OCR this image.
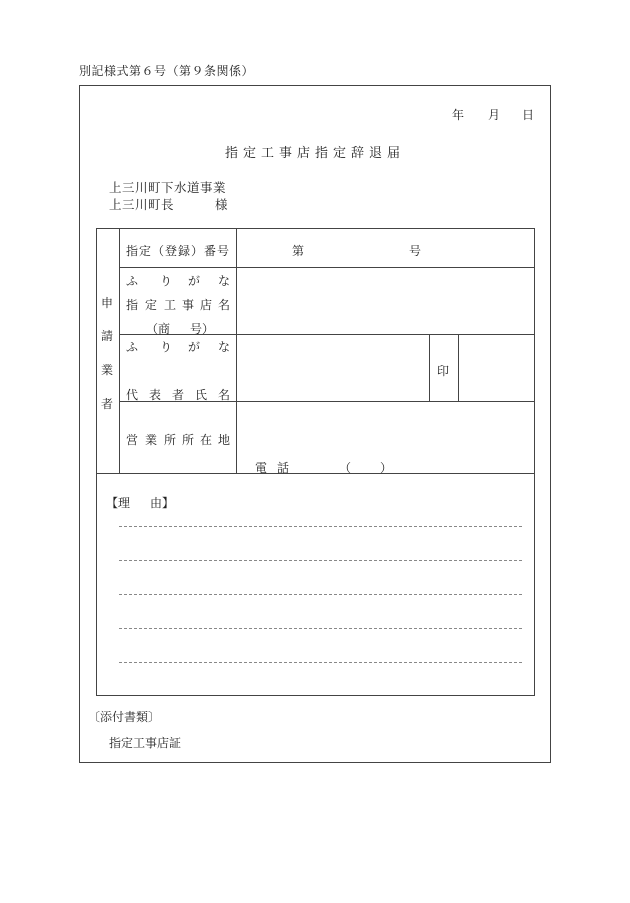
別記様式第６号（第９条関係）
年 月 日
指定工事店指定辞退届
上三川町下水道事業
上三川町長	様
申
請
業
者
指定（登録）番号	第	号
ふ り が な
指 定 工 事 店 名
（商 号）
ふ り が な
代 表 者 氏 名
印
営 業 所 所 在 地
電 話	（ ）
【理 由】
〔添付書類〕
指定工事店証
